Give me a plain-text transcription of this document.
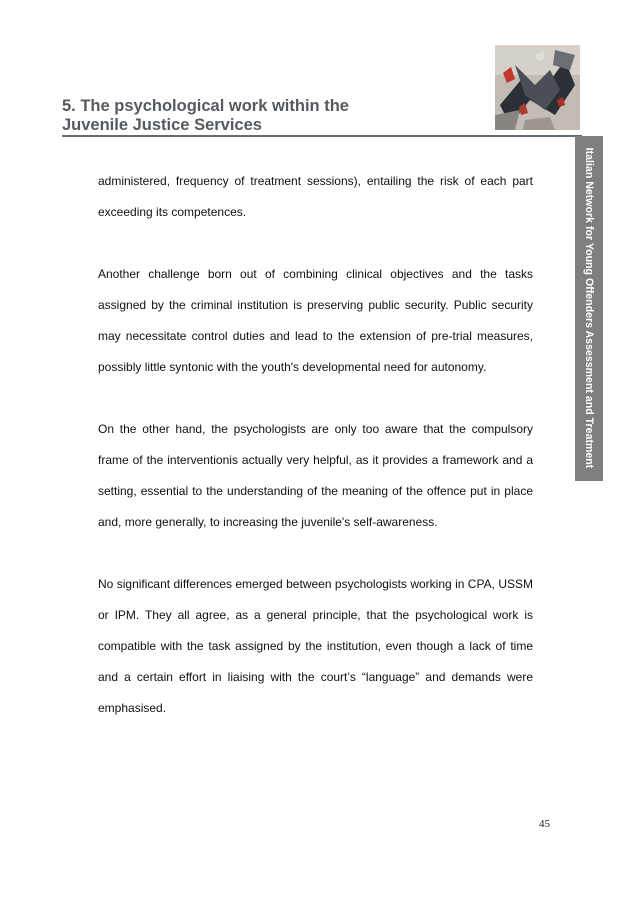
5. The psychological work within the
Juvenile Justice Services
Italian Network for Young Offenders Assessment and Treatment

administered, frequency of treatment sessions), entailing the risk of each part exceeding its competences.

Another challenge born out of combining clinical objectives and the tasks assigned by the criminal institution is preserving public security. Public security may necessitate control duties and lead to the extension of pre-trial measures, possibly little syntonic with the youth's developmental need for autonomy.

On the other hand, the psychologists are only too aware that the compulsory frame of the interventionis actually very helpful, as it provides a framework and a setting, essential to the understanding of the meaning of the offence put in place and, more generally, to increasing the juvenile's self-awareness.

No significant differences emerged between psychologists working in CPA, USSM or IPM. They all agree, as a general principle, that the psychological work is compatible with the task assigned by the institution, even though a lack of time and a certain effort in liaising with the court’s “language” and demands were emphasised.

45
